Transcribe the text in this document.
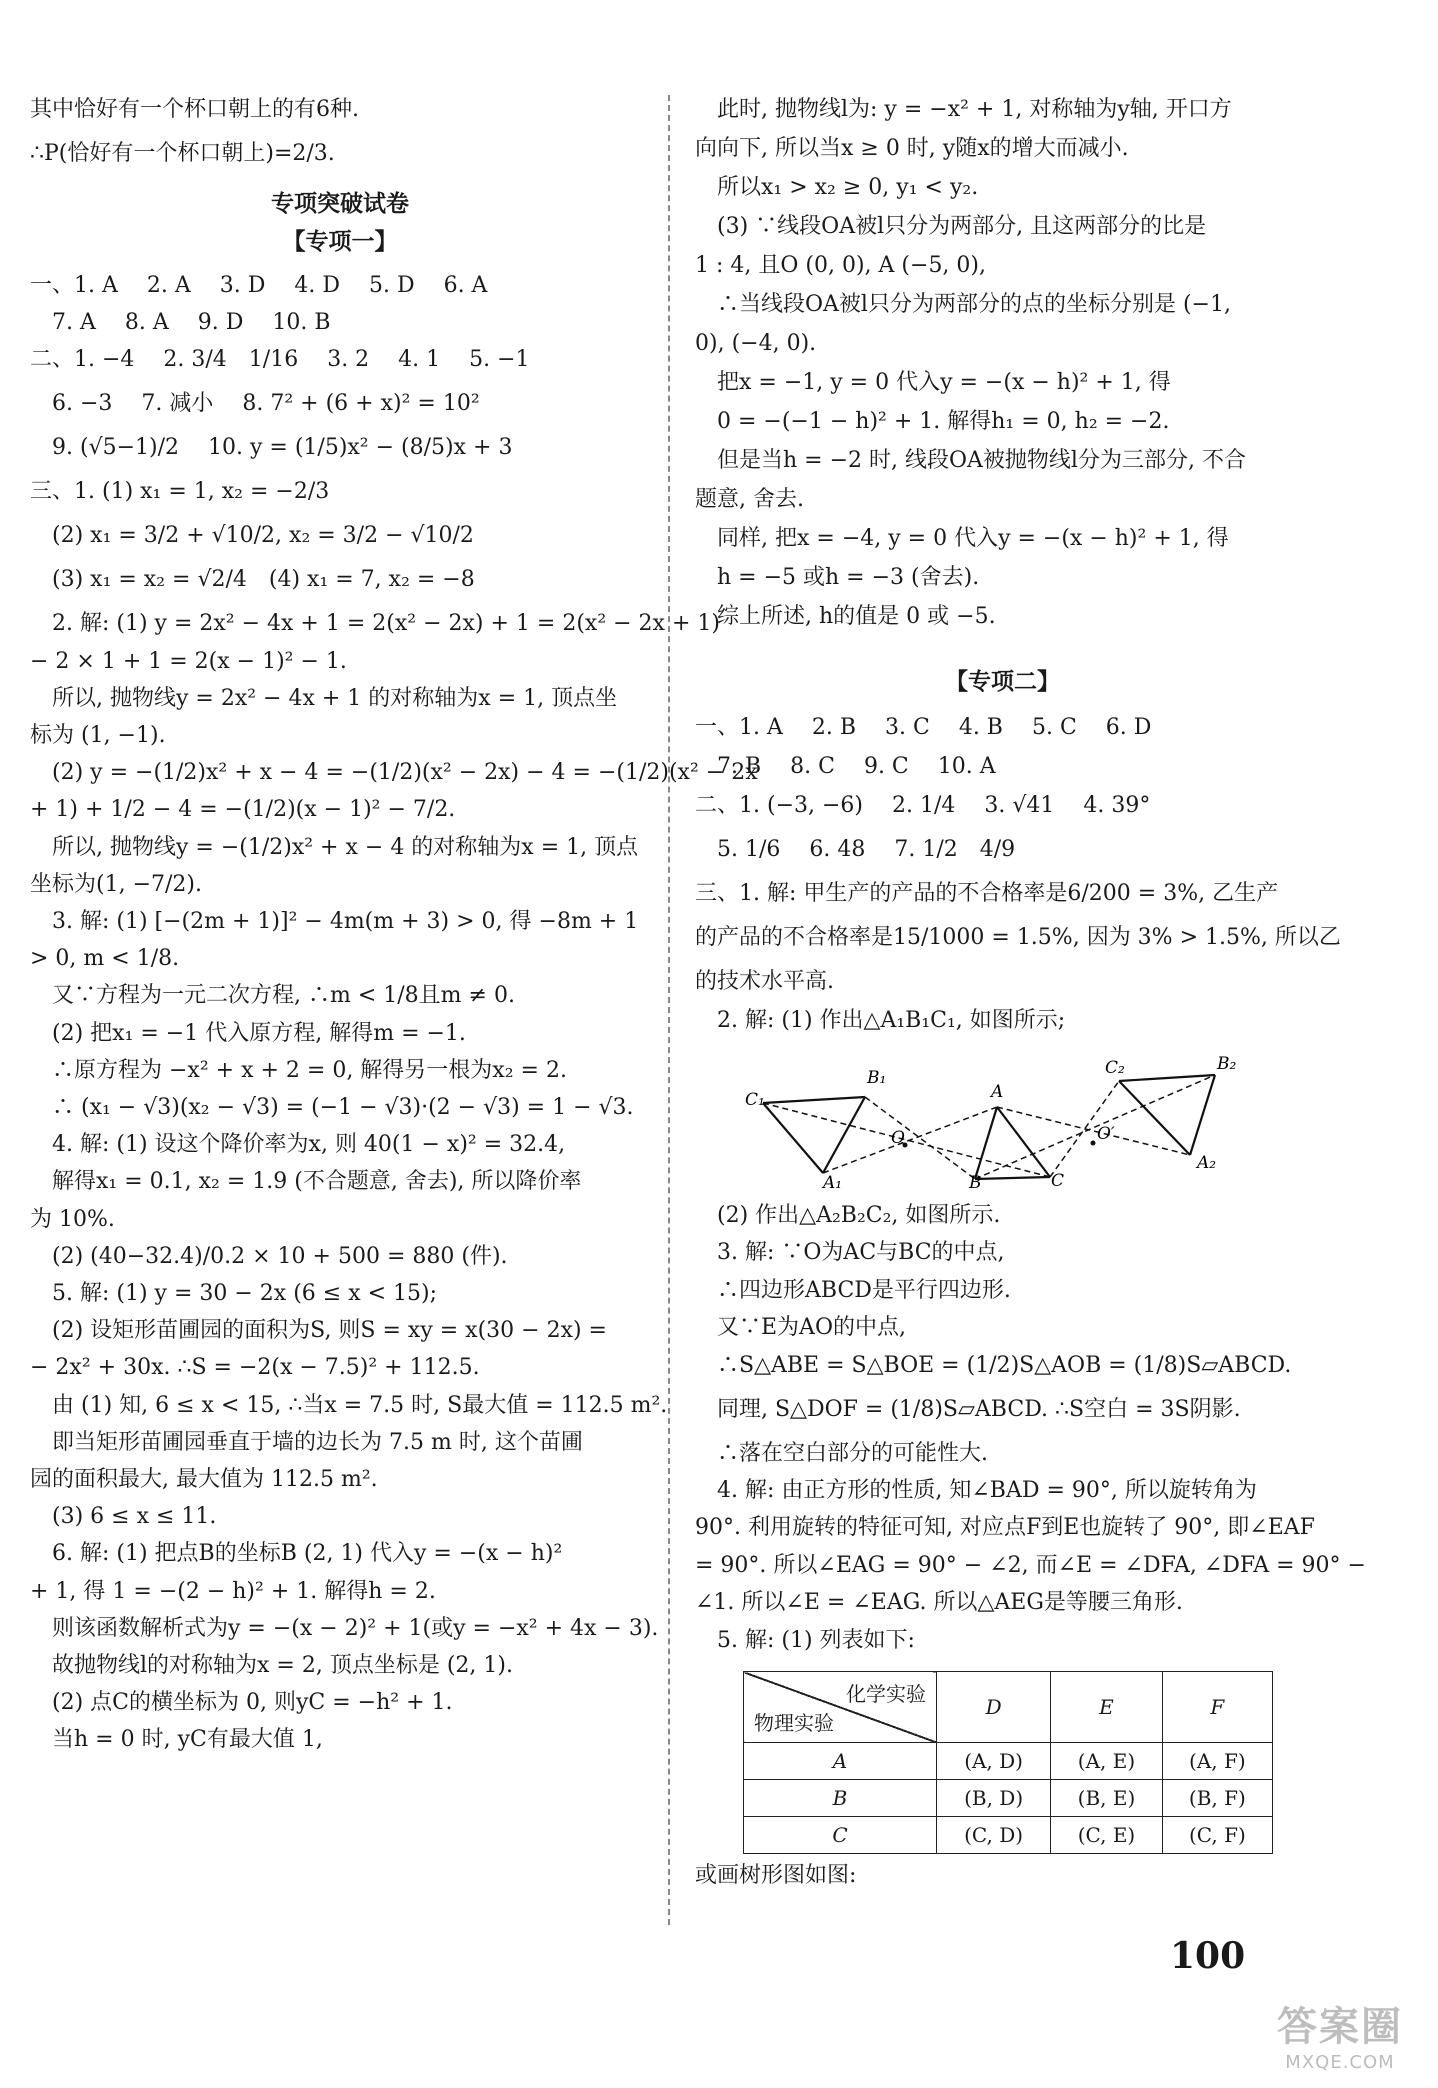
其中恰好有一个杯口朝上的有6种.
∴P(恰好有一个杯口朝上)=2/3.
专项突破试卷
【专项一】
一、1. A　 2. A　 3. D　 4. D　 5. D　 6. A
　7. A　 8. A　 9. D　 10. B
二、1. −4　 2. 3/4　1/16　 3. 2　 4. 1　 5. −1
　6. −3　 7. 减小　 8. 7² + (6 + x)² = 10²
　9. (√5−1)/2　 10. y = (1/5)x² − (8/5)x + 3
三、1. (1) x₁ = 1, x₂ = −2/3
　(2) x₁ = 3/2 + √10/2, x₂ = 3/2 − √10/2
　(3) x₁ = x₂ = √2/4　(4) x₁ = 7, x₂ = −8
　2. 解: (1) y = 2x² − 4x + 1 = 2(x² − 2x) + 1 = 2(x² − 2x + 1)
− 2 × 1 + 1 = 2(x − 1)² − 1.
　所以, 抛物线y = 2x² − 4x + 1 的对称轴为x = 1, 顶点坐
标为 (1, −1).
　(2) y = −(1/2)x² + x − 4 = −(1/2)(x² − 2x) − 4 = −(1/2)(x² − 2x
+ 1) + 1/2 − 4 = −(1/2)(x − 1)² − 7/2.
　所以, 抛物线y = −(1/2)x² + x − 4 的对称轴为x = 1, 顶点
坐标为(1, −7/2).
　3. 解: (1) [−(2m + 1)]² − 4m(m + 3) > 0, 得 −8m + 1
> 0, m < 1/8.
　又∵方程为一元二次方程, ∴m < 1/8且m ≠ 0.
　(2) 把x₁ = −1 代入原方程, 解得m = −1.
　∴原方程为 −x² + x + 2 = 0, 解得另一根为x₂ = 2.
　∴ (x₁ − √3)(x₂ − √3) = (−1 − √3)·(2 − √3) = 1 − √3.
　4. 解: (1) 设这个降价率为x, 则 40(1 − x)² = 32.4,
　解得x₁ = 0.1, x₂ = 1.9 (不合题意, 舍去), 所以降价率
为 10%.
　(2) (40−32.4)/0.2 × 10 + 500 = 880 (件).
　5. 解: (1) y = 30 − 2x (6 ≤ x < 15);
　(2) 设矩形苗圃园的面积为S, 则S = xy = x(30 − 2x) =
− 2x² + 30x. ∴S = −2(x − 7.5)² + 112.5.
　由 (1) 知, 6 ≤ x < 15, ∴当x = 7.5 时, S最大值 = 112.5 m².
　即当矩形苗圃园垂直于墙的边长为 7.5 m 时, 这个苗圃
园的面积最大, 最大值为 112.5 m².
　(3) 6 ≤ x ≤ 11.
　6. 解: (1) 把点B的坐标B (2, 1) 代入y = −(x − h)²
+ 1, 得 1 = −(2 − h)² + 1. 解得h = 2.
　则该函数解析式为y = −(x − 2)² + 1(或y = −x² + 4x − 3).
　故抛物线l的对称轴为x = 2, 顶点坐标是 (2, 1).
　(2) 点C的横坐标为 0, 则yC = −h² + 1.
　当h = 0 时, yC有最大值 1,
　此时, 抛物线l为: y = −x² + 1, 对称轴为y轴, 开口方
向向下, 所以当x ≥ 0 时, y随x的增大而减小.
　所以x₁ > x₂ ≥ 0, y₁ < y₂.
　(3) ∵线段OA被l只分为两部分, 且这两部分的比是
1 : 4, 且O (0, 0), A (−5, 0),
　∴当线段OA被l只分为两部分的点的坐标分别是 (−1,
0), (−4, 0).
　把x = −1, y = 0 代入y = −(x − h)² + 1, 得
　0 = −(−1 − h)² + 1. 解得h₁ = 0, h₂ = −2.
　但是当h = −2 时, 线段OA被抛物线l分为三部分, 不合
题意, 舍去.
　同样, 把x = −4, y = 0 代入y = −(x − h)² + 1, 得
　h = −5 或h = −3 (舍去).
　综上所述, h的值是 0 或 −5.
【专项二】
一、1. A　 2. B　 3. C　 4. B　 5. C　 6. D
　7. B　 8. C　 9. C　 10. A
二、1. (−3, −6)　 2. 1/4　 3. √41　 4. 39°
　5. 1/6　 6. 48　 7. 1/2　4/9
三、1. 解: 甲生产的产品的不合格率是6/200 = 3%, 乙生产
的产品的不合格率是15/1000 = 1.5%, 因为 3% > 1.5%, 所以乙
的技术水平高.
　2. 解: (1) 作出△A₁B₁C₁, 如图所示;
C₁
B₁
A₁
O
A
B	C
O′
C₂	B₂
A₂
　(2) 作出△A₂B₂C₂, 如图所示.
　3. 解: ∵O为AC与BC的中点,
　∴四边形ABCD是平行四边形.
　又∵E为AO的中点,
　∴S△ABE = S△BOE = (1/2)S△AOB = (1/8)S▱ABCD.
　同理, S△DOF = (1/8)S▱ABCD. ∴S空白 = 3S阴影.
　∴落在空白部分的可能性大.
　4. 解: 由正方形的性质, 知∠BAD = 90°, 所以旋转角为
90°. 利用旋转的特征可知, 对应点F到E也旋转了 90°, 即∠EAF
= 90°. 所以∠EAG = 90° − ∠2, 而∠E = ∠DFA, ∠DFA = 90° −
∠1. 所以∠E = ∠EAG. 所以△AEG是等腰三角形.
　5. 解: (1) 列表如下:
化学实验
物理实验	D	E	F
A	(A, D)	(A, E)	(A, F)
B	(B, D)	(B, E)	(B, F)
C	(C, D)	(C, E)	(C, F)
或画树形图如图:
100
答案圈
MXQE.COM
